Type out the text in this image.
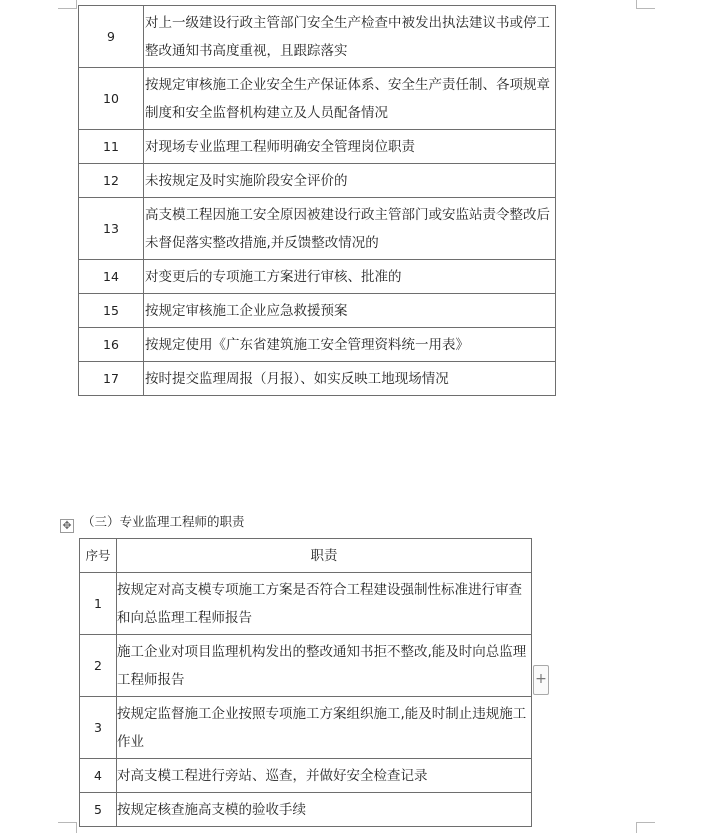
9	对上一级建设行政主管部门安全生产检查中被发出执法建议书或停工整改通知书高度重视，且跟踪落实
10	按规定审核施工企业安全生产保证体系、安全生产责任制、各项规章制度和安全监督机构建立及人员配备情况
11	对现场专业监理工程师明确安全管理岗位职责
12	未按规定及时实施阶段安全评价的
13	高支模工程因施工安全原因被建设行政主管部门或安监站责令整改后未督促落实整改措施,并反馈整改情况的
14	对变更后的专项施工方案进行审核、批准的
15	按规定审核施工企业应急救援预案
16	按规定使用《广东省建筑施工安全管理资料统一用表》
17	按时提交监理周报（月报）、如实反映工地现场情况
✥ （三）专业监理工程师的职责
序号	职责
1	按规定对高支模专项施工方案是否符合工程建设强制性标准进行审查和向总监理工程师报告
2	施工企业对项目监理机构发出的整改通知书拒不整改,能及时向总监理工程师报告
3	按规定监督施工企业按照专项施工方案组织施工,能及时制止违规施工作业
4	对高支模工程进行旁站、巡查，并做好安全检查记录
5	按规定核查施高支模的验收手续
+
